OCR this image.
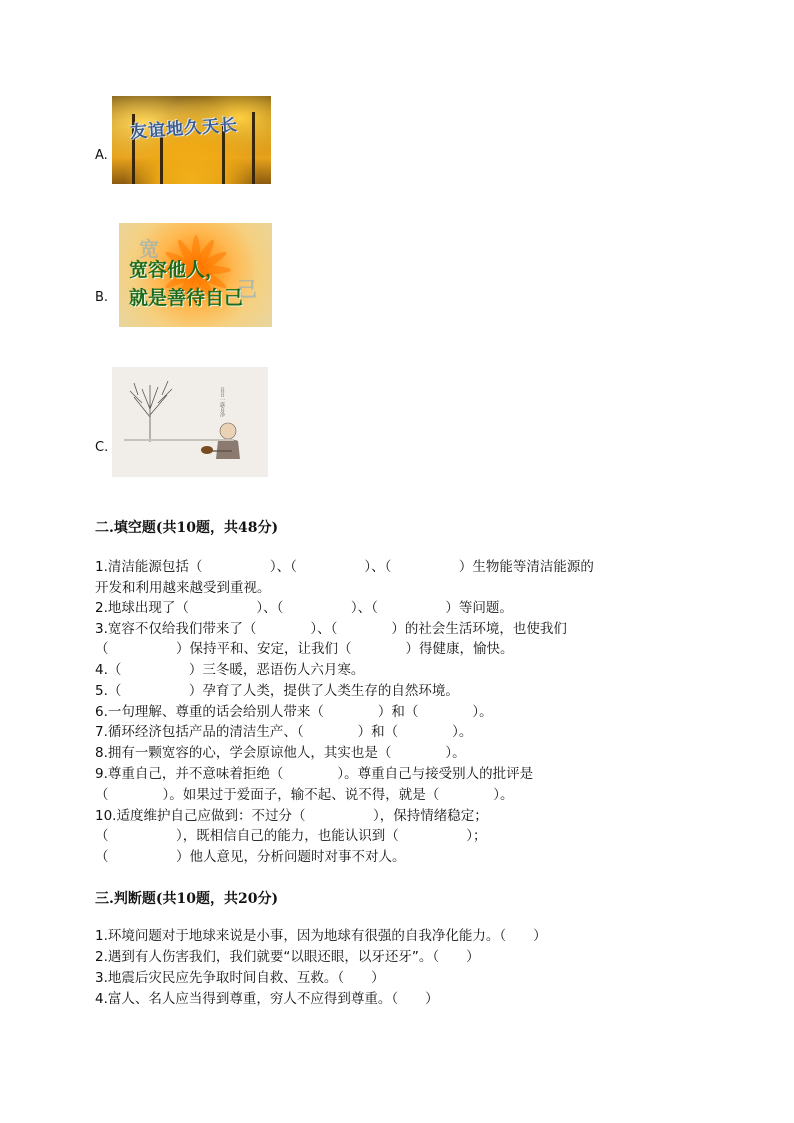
友谊地久天长
A.
宽
己
宽容他人，
就是善待自己
B.
自日一露自净
C.
二.填空题(共10题，共48分)
1.清洁能源包括（　　　　　）、（　　　　　）、（　　　　　）生物能等清洁能源的
开发和利用越来越受到重视。
2.地球出现了（　　　　　）、（　　　　　）、（　　　　　）等问题。
3.宽容不仅给我们带来了（　　　　）、（　　　　）的社会生活环境，也使我们
（　　　　　）保持平和、安定，让我们（　　　　）得健康，愉快。
4.（　　　　　）三冬暖，恶语伤人六月寒。
5.（　　　　　）孕育了人类，提供了人类生存的自然环境。
6.一句理解、尊重的话会给别人带来（　　　　）和（　　　　）。
7.循环经济包括产品的清洁生产、（　　　　）和（　　　　）。
8.拥有一颗宽容的心，学会原谅他人，其实也是（　　　　）。
9.尊重自己，并不意味着拒绝（　　　　）。尊重自己与接受别人的批评是
（　　　　）。如果过于爱面子，输不起、说不得，就是（　　　　）。
10.适度维护自己应做到：不过分（　　　　　），保持情绪稳定；
（　　　　　），既相信自己的能力，也能认识到（　　　　　）；
（　　　　　）他人意见，分析问题时对事不对人。
三.判断题(共10题，共20分)
1.环境问题对于地球来说是小事，因为地球有很强的自我净化能力。（　　）
2.遇到有人伤害我们，我们就要“以眼还眼，以牙还牙”。（　　）
3.地震后灾民应先争取时间自救、互救。（　　）
4.富人、名人应当得到尊重，穷人不应得到尊重。（　　）
